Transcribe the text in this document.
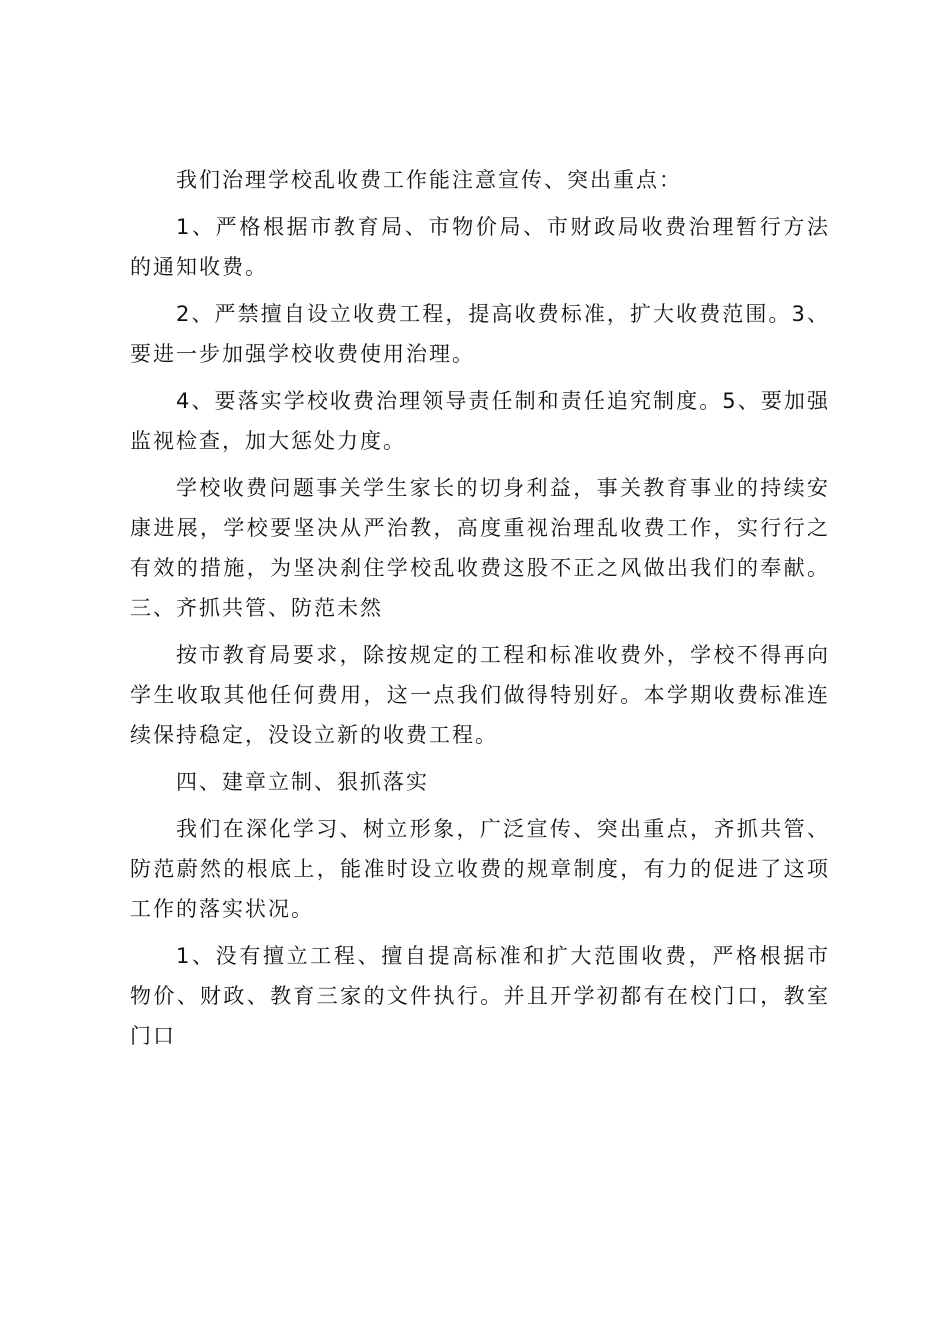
我们治理学校乱收费工作能注意宣传、突出重点：

1、严格根据市教育局、市物价局、市财政局收费治理暂行方法的通知收费。

2、严禁擅自设立收费工程，提高收费标准，扩大收费范围。3、要进一步加强学校收费使用治理。

4、要落实学校收费治理领导责任制和责任追究制度。5、要加强监视检查，加大惩处力度。

学校收费问题事关学生家长的切身利益，事关教育事业的持续安康进展，学校要坚决从严治教，高度重视治理乱收费工作，实行行之有效的措施，为坚决刹住学校乱收费这股不正之风做出我们的奉献。三、齐抓共管、防范未然

按市教育局要求，除按规定的工程和标准收费外，学校不得再向学生收取其他任何费用，这一点我们做得特别好。本学期收费标准连续保持稳定，没设立新的收费工程。

四、建章立制、狠抓落实

我们在深化学习、树立形象，广泛宣传、突出重点，齐抓共管、防范蔚然的根底上，能准时设立收费的规章制度，有力的促进了这项工作的落实状况。

1、没有擅立工程、擅自提高标准和扩大范围收费，严格根据市物价、财政、教育三家的文件执行。并且开学初都有在校门口，教室门口
